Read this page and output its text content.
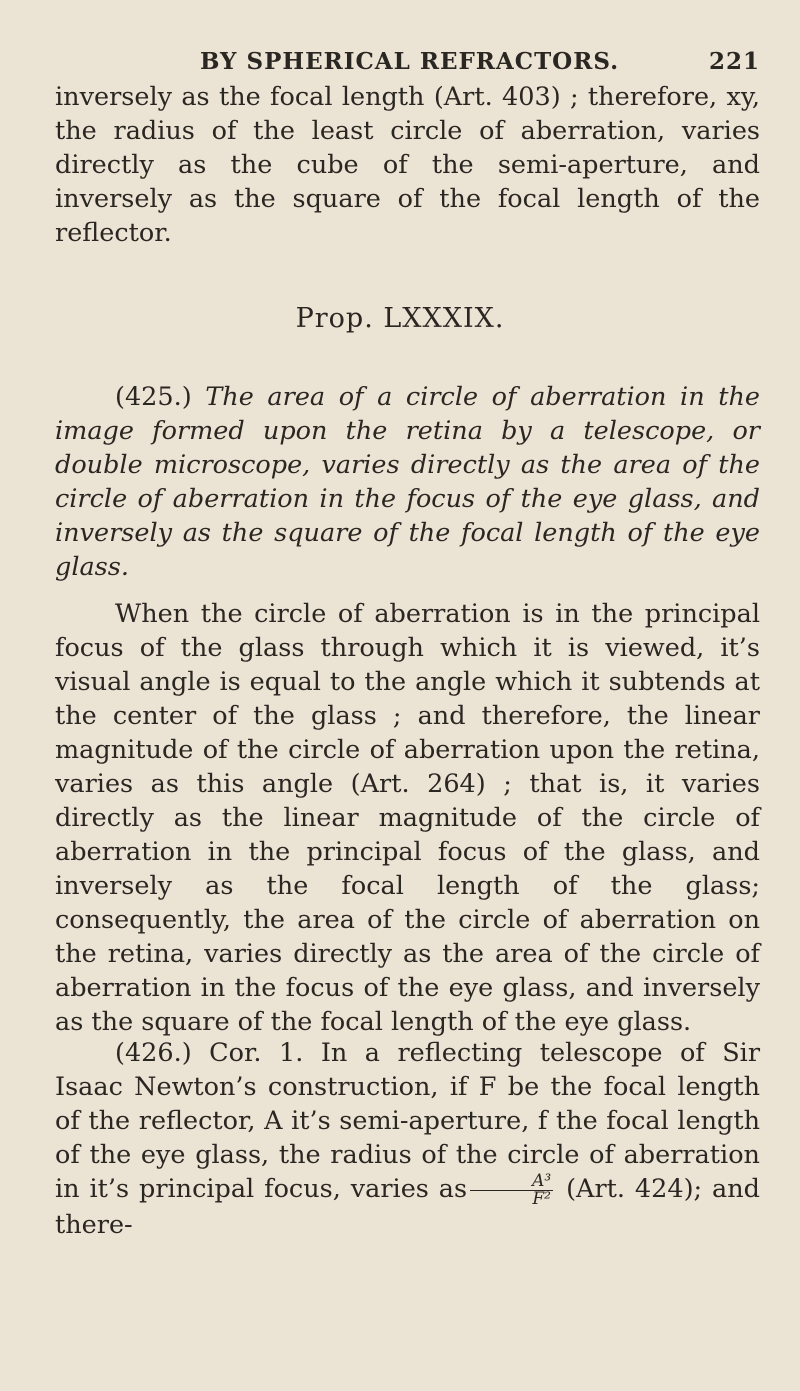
BY SPHERICAL REFRACTORS.	221
inversely as the focal length (Art. 403) ; therefore, xy, the radius of the least circle of aberration, varies directly as the cube of the semi-aperture, and inversely as the square of the focal length of the reflector.
Prop. LXXXIX.
(425.) The area of a circle of aberration in the image formed upon the retina by a telescope, or double microscope, varies directly as the area of the circle of aberration in the focus of the eye glass, and inversely as the square of the focal length of the eye glass.
When the circle of aberration is in the principal focus of the glass through which it is viewed, it’s visual angle is equal to the angle which it subtends at the center of the glass ; and therefore, the linear magnitude of the circle of aberration upon the retina, varies as this angle (Art. 264) ; that is, it varies directly as the linear magnitude of the circle of aberration in the principal focus of the glass, and inversely as the focal length of the glass; consequently, the area of the circle of aberration on the retina, varies directly as the area of the circle of aberration in the focus of the eye glass, and inversely as the square of the focal length of the eye glass.
(426.) Cor. 1. In a reflecting telescope of Sir Isaac Newton’s construction, if F be the focal length of the reflector, A it’s semi-aperture, f the focal length of the eye glass, the radius of the circle of aberration in it’s principal focus, varies as $\frac{\text{A³}}{\text{F²}} (Art$. 424); and there-
